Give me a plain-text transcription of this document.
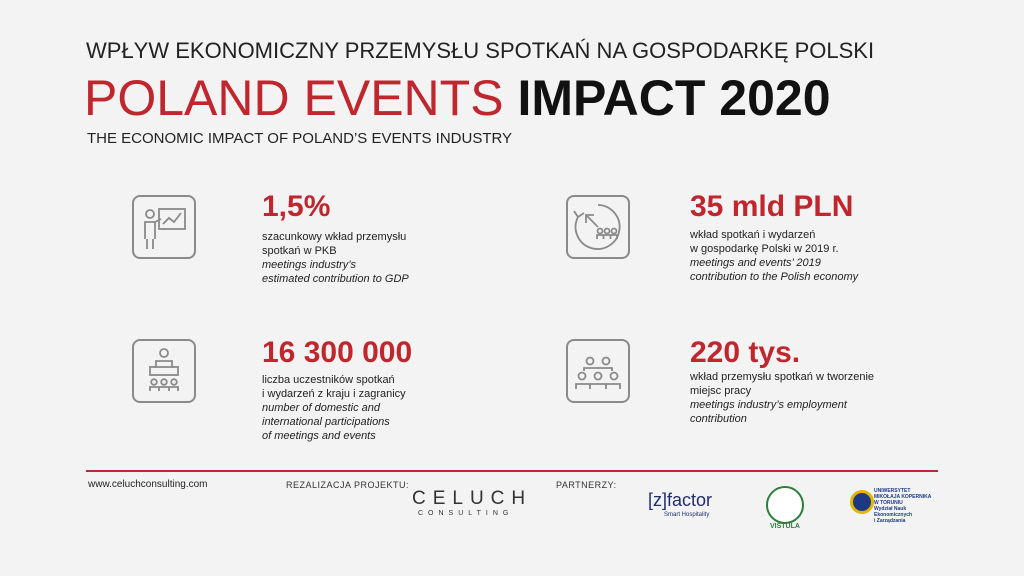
WPŁYW EKONOMICZNY PRZEMYSŁU SPOTKAŃ NA GOSPODARKĘ POLSKI
POLAND EVENTS IMPACT 2020
THE ECONOMIC IMPACT OF POLAND’S EVENTS INDUSTRY
1,5%
szacunkowy wkład przemysłu
spotkań w PKB
meetings industry’s
estimated contribution to GDP
35 mld PLN
wkład spotkań i wydarzeń
w gospodarkę Polski w 2019 r.
meetings and events’ 2019
contribution to the Polish economy
16 300 000
liczba uczestników spotkań
i wydarzeń z kraju i zagranicy
number of domestic and
international participations
of meetings and events
220 tys.
wkład przemysłu spotkań w tworzenie
miejsc pracy
meetings industry’s employment
contribution
www.celuchconsulting.com	REZALIZACJA PROJEKTU:	PARTNERZY:
CELUCH
CONSULTING
[z]factor
Smart Hospitality
VISTULA
UNIWERSYTET
MIKOŁAJA KOPERNIKA
W TORUNIU
Wydział Nauk Ekonomicznych
i Zarządzania
